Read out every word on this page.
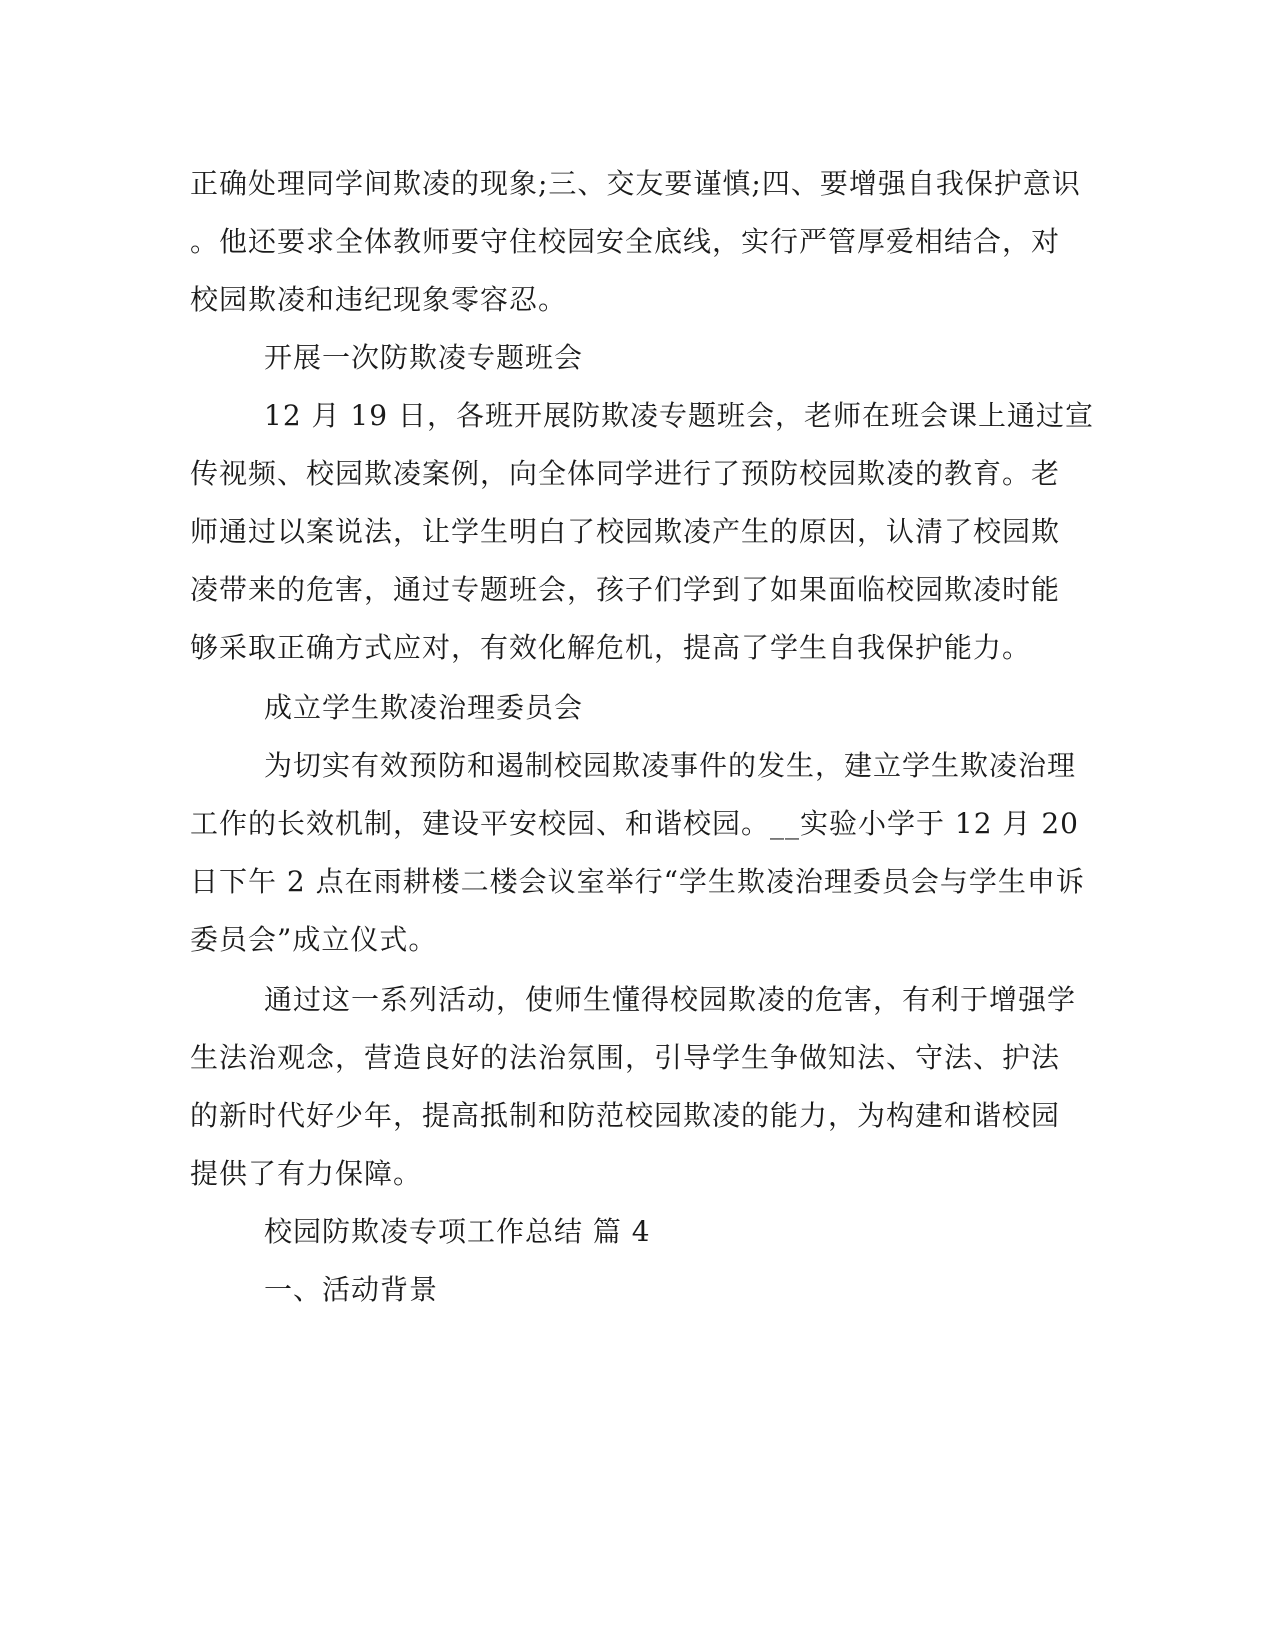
正确处理同学间欺凌的现象;三、交友要谨慎;四、要增强自我保护意识
。他还要求全体教师要守住校园安全底线，实行严管厚爱相结合，对
校园欺凌和违纪现象零容忍。
开展一次防欺凌专题班会
12 月 19 日，各班开展防欺凌专题班会，老师在班会课上通过宣
传视频、校园欺凌案例，向全体同学进行了预防校园欺凌的教育。老
师通过以案说法，让学生明白了校园欺凌产生的原因，认清了校园欺
凌带来的危害，通过专题班会，孩子们学到了如果面临校园欺凌时能
够采取正确方式应对，有效化解危机，提高了学生自我保护能力。
成立学生欺凌治理委员会
为切实有效预防和遏制校园欺凌事件的发生，建立学生欺凌治理
工作的长效机制，建设平安校园、和谐校园。__实验小学于 12 月 20
日下午 2 点在雨耕楼二楼会议室举行“学生欺凌治理委员会与学生申诉
委员会”成立仪式。
通过这一系列活动，使师生懂得校园欺凌的危害，有利于增强学
生法治观念，营造良好的法治氛围，引导学生争做知法、守法、护法
的新时代好少年，提高抵制和防范校园欺凌的能力，为构建和谐校园
提供了有力保障。
校园防欺凌专项工作总结 篇 4
一、活动背景
